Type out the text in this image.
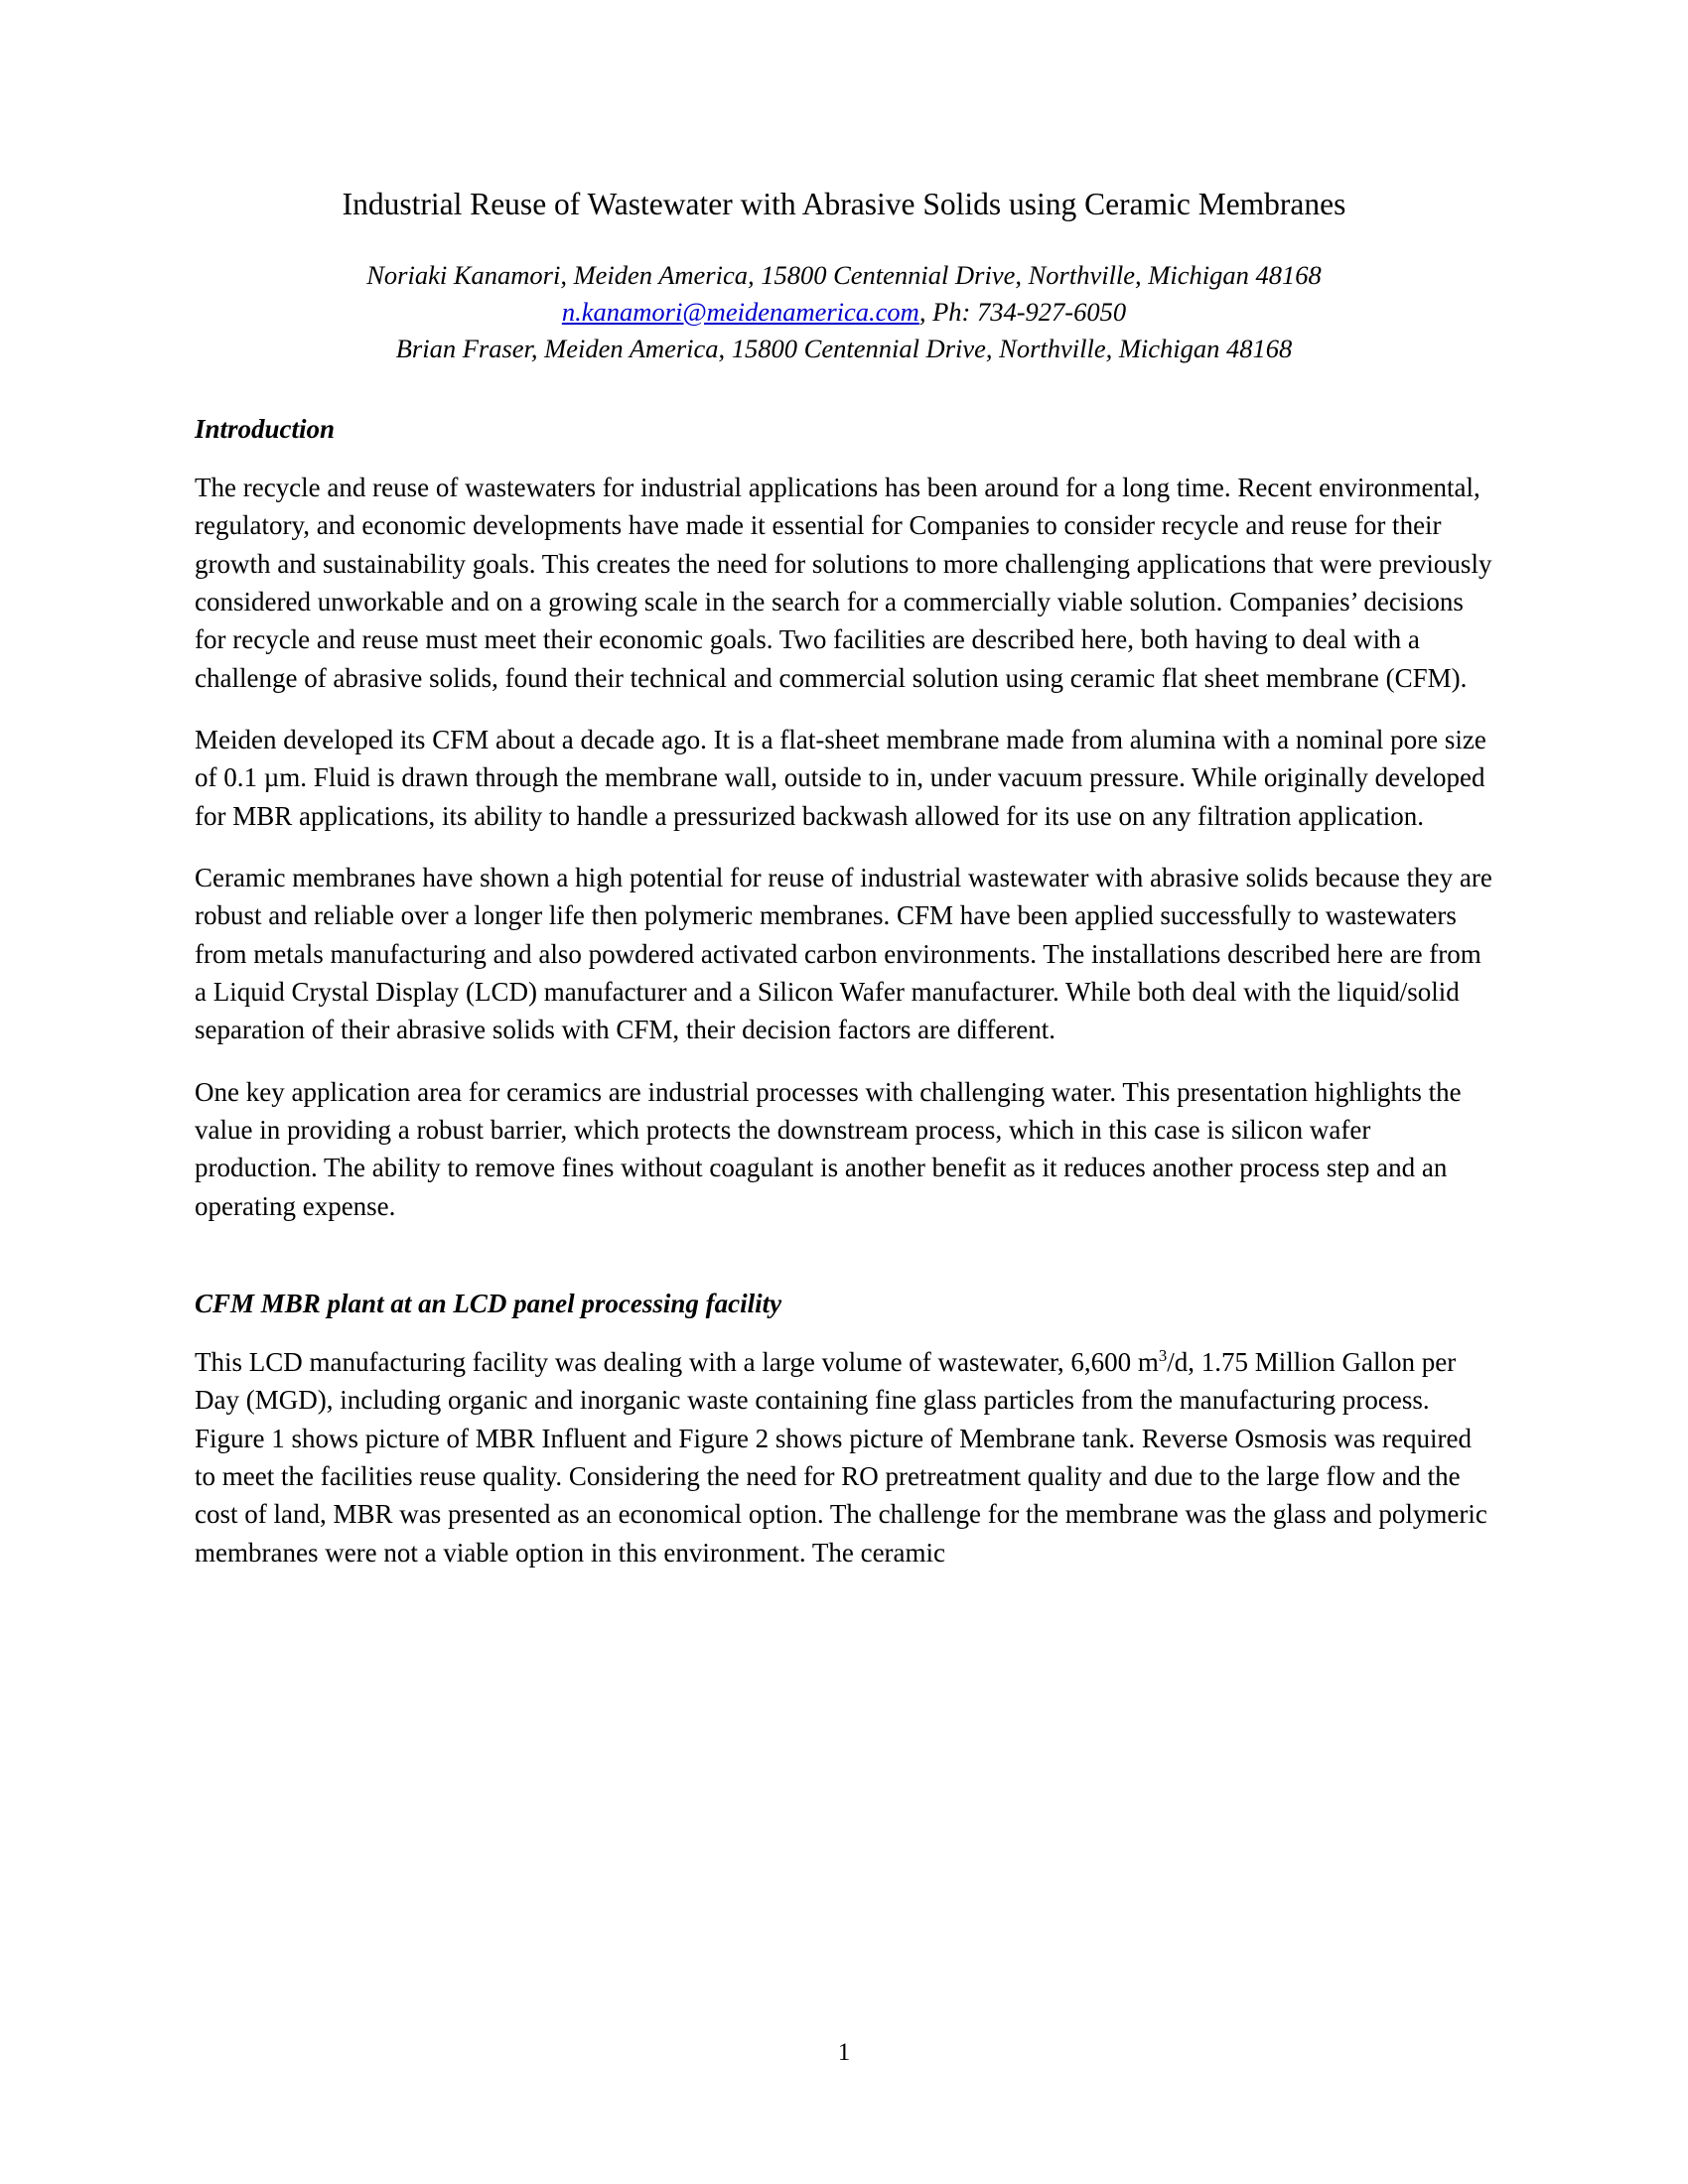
Industrial Reuse of Wastewater with Abrasive Solids using Ceramic Membranes
Noriaki Kanamori, Meiden America, 15800 Centennial Drive, Northville, Michigan 48168
n.kanamori@meidenamerica.com, Ph: 734-927-6050
Brian Fraser, Meiden America, 15800 Centennial Drive, Northville, Michigan 48168
Introduction

The recycle and reuse of wastewaters for industrial applications has been around for a long time. Recent environmental, regulatory, and economic developments have made it essential for Companies to consider recycle and reuse for their growth and sustainability goals. This creates the need for solutions to more challenging applications that were previously considered unworkable and on a growing scale in the search for a commercially viable solution. Companies’ decisions for recycle and reuse must meet their economic goals. Two facilities are described here, both having to deal with a challenge of abrasive solids, found their technical and commercial solution using ceramic flat sheet membrane (CFM).

Meiden developed its CFM about a decade ago. It is a flat-sheet membrane made from alumina with a nominal pore size of 0.1 µm. Fluid is drawn through the membrane wall, outside to in, under vacuum pressure. While originally developed for MBR applications, its ability to handle a pressurized backwash allowed for its use on any filtration application.

Ceramic membranes have shown a high potential for reuse of industrial wastewater with abrasive solids because they are robust and reliable over a longer life then polymeric membranes. CFM have been applied successfully to wastewaters from metals manufacturing and also powdered activated carbon environments. The installations described here are from a Liquid Crystal Display (LCD) manufacturer and a Silicon Wafer manufacturer. While both deal with the liquid/solid separation of their abrasive solids with CFM, their decision factors are different.

One key application area for ceramics are industrial processes with challenging water. This presentation highlights the value in providing a robust barrier, which protects the downstream process, which in this case is silicon wafer production. The ability to remove fines without coagulant is another benefit as it reduces another process step and an operating expense.

CFM MBR plant at an LCD panel processing facility

This LCD manufacturing facility was dealing with a large volume of wastewater, 6,600 $m^3/d$, 1.75 Million Gallon per Day (MGD), including organic and inorganic waste containing fine glass particles from the manufacturing process. Figure 1 shows picture of MBR Influent and Figure 2 shows picture of Membrane tank. Reverse Osmosis was required to meet the facilities reuse quality. Considering the need for RO pretreatment quality and due to the large flow and the cost of land, MBR was presented as an economical option. The challenge for the membrane was the glass and polymeric membranes were not a viable option in this environment. The ceramic

1
